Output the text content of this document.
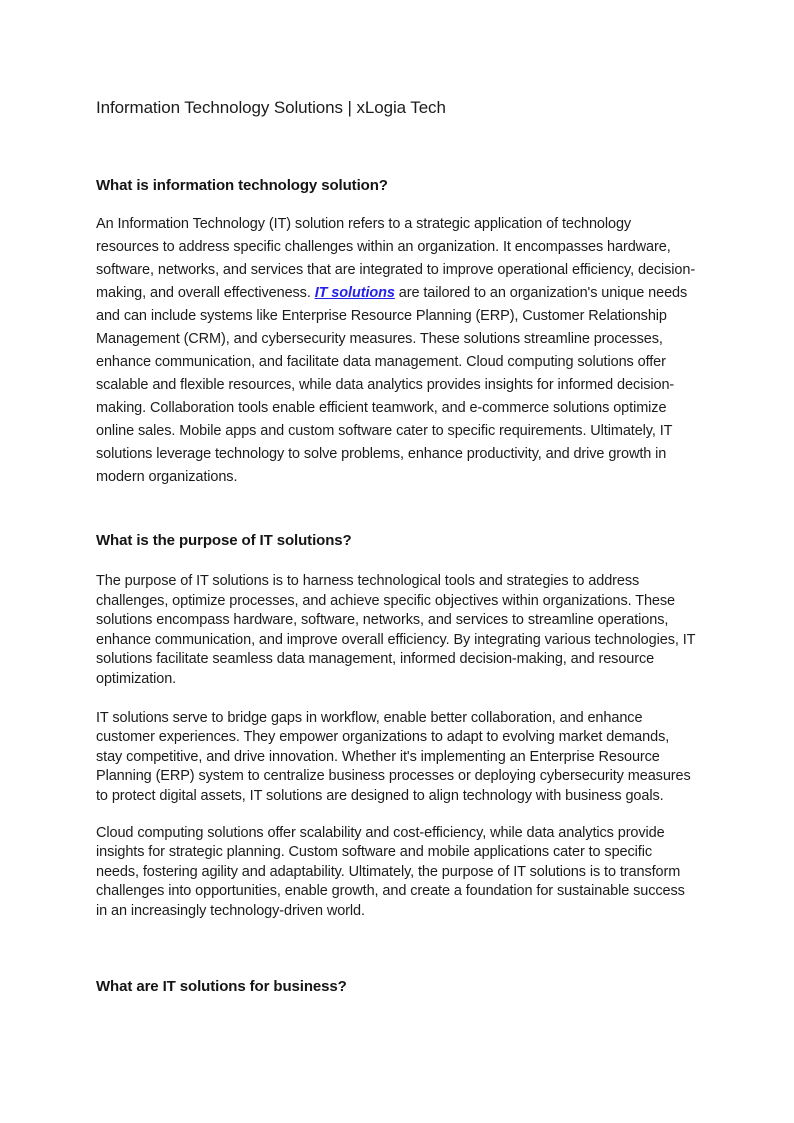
Information Technology Solutions | xLogia Tech
What is information technology solution?

An Information Technology (IT) solution refers to a strategic application of technology resources to address specific challenges within an organization. It encompasses hardware, software, networks, and services that are integrated to improve operational efficiency, decision-making, and overall effectiveness. IT solutions are tailored to an organization's unique needs and can include systems like Enterprise Resource Planning (ERP), Customer Relationship Management (CRM), and cybersecurity measures. These solutions streamline processes, enhance communication, and facilitate data management. Cloud computing solutions offer scalable and flexible resources, while data analytics provides insights for informed decision-making. Collaboration tools enable efficient teamwork, and e-commerce solutions optimize online sales. Mobile apps and custom software cater to specific requirements. Ultimately, IT solutions leverage technology to solve problems, enhance productivity, and drive growth in modern organizations.

What is the purpose of IT solutions?

The purpose of IT solutions is to harness technological tools and strategies to address challenges, optimize processes, and achieve specific objectives within organizations. These solutions encompass hardware, software, networks, and services to streamline operations, enhance communication, and improve overall efficiency. By integrating various technologies, IT solutions facilitate seamless data management, informed decision-making, and resource optimization.

IT solutions serve to bridge gaps in workflow, enable better collaboration, and enhance customer experiences. They empower organizations to adapt to evolving market demands, stay competitive, and drive innovation. Whether it's implementing an Enterprise Resource Planning (ERP) system to centralize business processes or deploying cybersecurity measures to protect digital assets, IT solutions are designed to align technology with business goals.

Cloud computing solutions offer scalability and cost-efficiency, while data analytics provide insights for strategic planning. Custom software and mobile applications cater to specific needs, fostering agility and adaptability. Ultimately, the purpose of IT solutions is to transform challenges into opportunities, enable growth, and create a foundation for sustainable success in an increasingly technology-driven world.

What are IT solutions for business?
